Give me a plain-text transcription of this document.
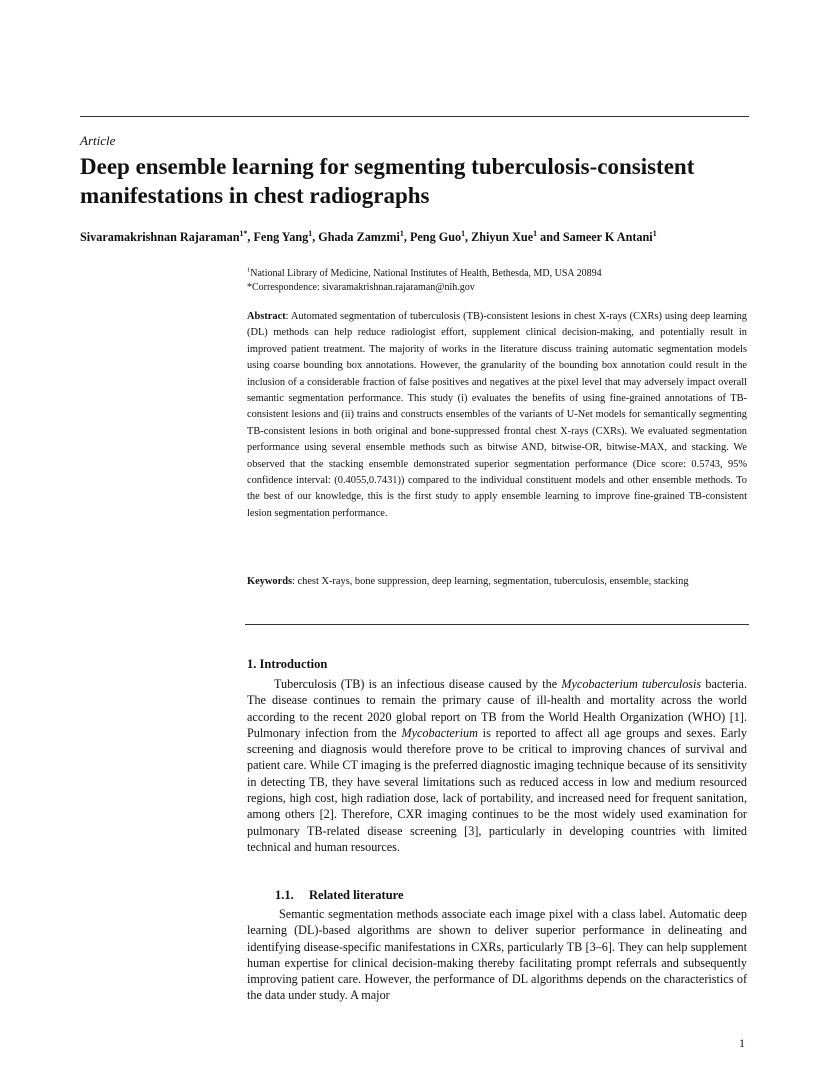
Article
Deep ensemble learning for segmenting tuberculosis-consistent manifestations in chest radiographs
Sivaramakrishnan Rajaraman$^{1*}$, Feng Yang$^1$, Ghada Zamzmi$^1$, Peng Guo$^1$, Zhiyun Xue$^1$ and Sameer K Antani$^1$
$^1$National Library of Medicine, National Institutes of Health, Bethesda, MD, USA 20894
*Correspondence: sivaramakrishnan.rajaraman@nih.gov
Abstract: Automated segmentation of tuberculosis (TB)-consistent lesions in chest X-rays (CXRs) using deep learning (DL) methods can help reduce radiologist effort, supplement clinical decision-making, and potentially result in improved patient treatment. The majority of works in the literature discuss training automatic segmentation models using coarse bounding box annotations. However, the granularity of the bounding box annotation could result in the inclusion of a considerable fraction of false positives and negatives at the pixel level that may adversely impact overall semantic segmentation performance. This study (i) evaluates the benefits of using fine-grained annotations of TB-consistent lesions and (ii) trains and constructs ensembles of the variants of U-Net models for semantically segmenting TB-consistent lesions in both original and bone-suppressed frontal chest X-rays (CXRs). We evaluated segmentation performance using several ensemble methods such as bitwise AND, bitwise-OR, bitwise-MAX, and stacking. We observed that the stacking ensemble demonstrated superior segmentation performance (Dice score: 0.5743, 95% confidence interval: (0.4055,0.7431)) compared to the individual constituent models and other ensemble methods. To the best of our knowledge, this is the first study to apply ensemble learning to improve fine-grained TB-consistent lesion segmentation performance.
Keywords: chest X-rays, bone suppression, deep learning, segmentation, tuberculosis, ensemble, stacking
1. Introduction
Tuberculosis (TB) is an infectious disease caused by the Mycobacterium tuberculosis bacteria. The disease continues to remain the primary cause of ill-health and mortality across the world according to the recent 2020 global report on TB from the World Health Organization (WHO) [1]. Pulmonary infection from the Mycobacterium is reported to affect all age groups and sexes. Early screening and diagnosis would therefore prove to be critical to improving chances of survival and patient care. While CT imaging is the preferred diagnostic imaging technique because of its sensitivity in detecting TB, they have several limitations such as reduced access in low and medium resourced regions, high cost, high radiation dose, lack of portability, and increased need for frequent sanitation, among others [2]. Therefore, CXR imaging continues to be the most widely used examination for pulmonary TB-related disease screening [3], particularly in developing countries with limited technical and human resources.
1.1. Related literature
Semantic segmentation methods associate each image pixel with a class label. Automatic deep learning (DL)-based algorithms are shown to deliver superior performance in delineating and identifying disease-specific manifestations in CXRs, particularly TB [3–6]. They can help supplement human expertise for clinical decision-making thereby facilitating prompt referrals and subsequently improving patient care. However, the performance of DL algorithms depends on the characteristics of the data under study. A major
1
